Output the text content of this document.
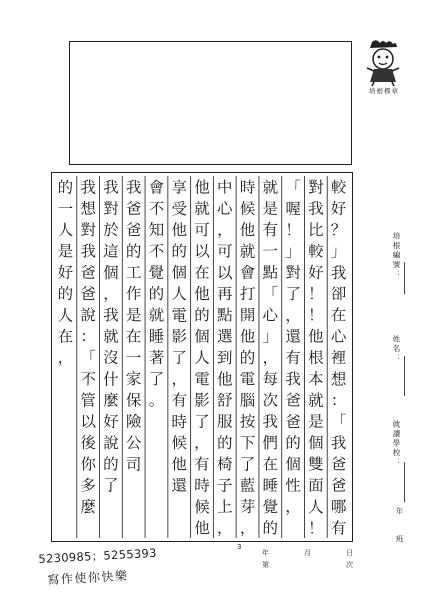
培根標章
培根編號：
姓名：
就讀學校：
年
班
較
好
？
」
我
卻
在
心
裡
想
：
「
我
爸
爸
哪
有
對
我
比
較
好
！
！
他
根
本
就
是
個
雙
面
人
！
「
喔
！
」
對
了
，
還
有
我
爸
爸
的
個
性
，
就
是
有
一
點
「
心
」
，
每
次
我
們
在
睡
覺
的
時
候
他
就
會
打
開
他
的
電
腦
按
下
了
藍
芽
，
中
心
，
可
以
再
點
選
到
他
舒
服
的
椅
子
上
，
他
就
可
以
在
他
的
個
人
電
影
了
，
有
時
候
他
享
受
他
的
個
人
電
影
了
，
有
時
候
他
還
會
不
知
不
覺
的
就
睡
著
了
。
我
爸
爸
的
工
作
是
在
一
家
保
險
公
司
我
對
於
這
個
，
我
就
沒
什
麼
好
說
的
了
我
想
對
我
爸
爸
說
：
「
不
管
以
後
你
多
麼
的
一
人
是
好
的
人
在
，
3
年	月	日
第	次
5230985；5255393
寫作使你快樂
